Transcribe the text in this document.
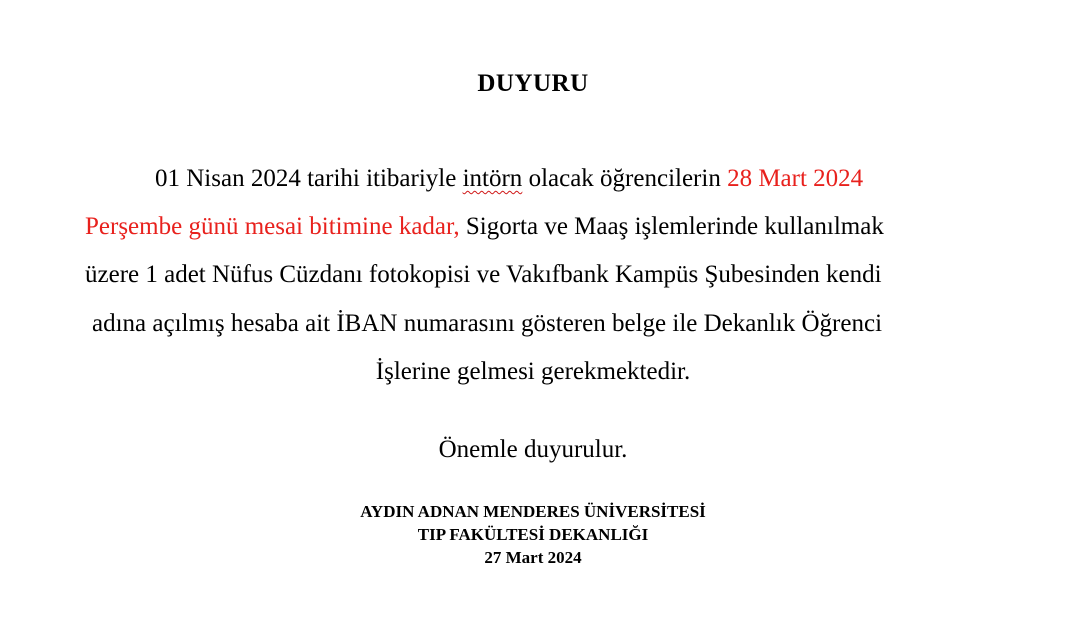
DUYURU
01 Nisan 2024 tarihi itibariyle intörn olacak öğrencilerin 28 Mart 2024
Perşembe günü mesai bitimine kadar, Sigorta ve Maaş işlemlerinde kullanılmak
üzere 1 adet Nüfus Cüzdanı fotokopisi ve Vakıfbank Kampüs Şubesinden kendi
adına açılmış hesaba ait İBAN numarasını gösteren belge ile Dekanlık Öğrenci
İşlerine gelmesi gerekmektedir.
Önemle duyurulur.
AYDIN ADNAN MENDERES ÜNİVERSİTESİ
TIP FAKÜLTESİ DEKANLIĞI
27 Mart 2024
